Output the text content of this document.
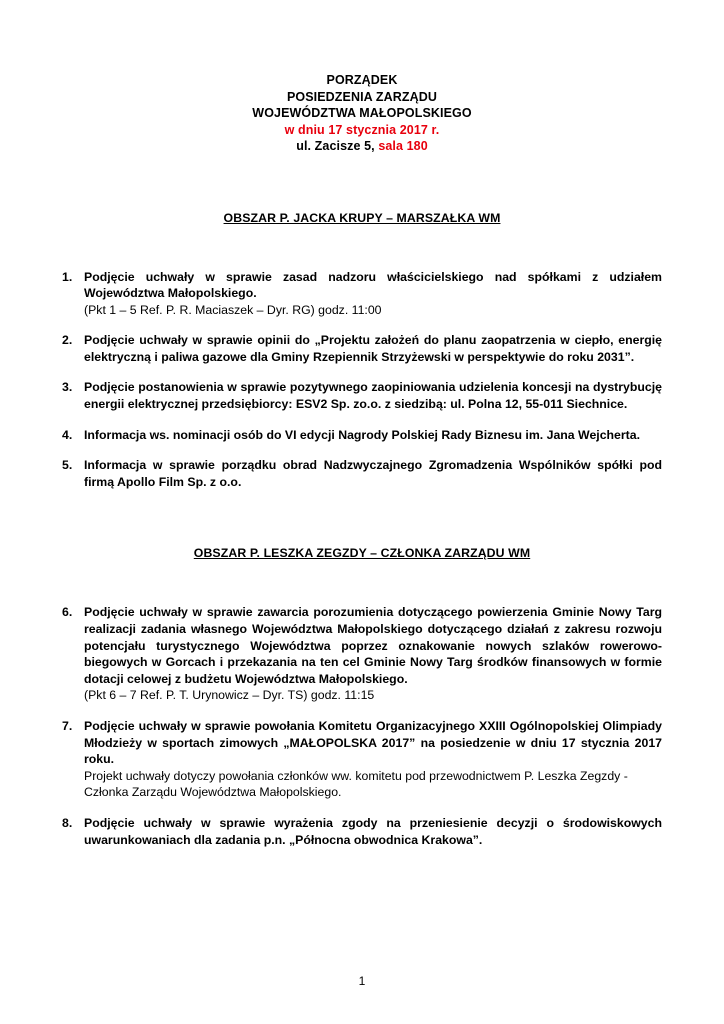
PORZĄDEK
POSIEDZENIA ZARZĄDU
WOJEWÓDZTWA MAŁOPOLSKIEGO
w dniu 17 stycznia 2017 r.
ul. Zacisze 5, sala 180
OBSZAR P. JACKA KRUPY – MARSZAŁKA WM
1. Podjęcie uchwały w sprawie zasad nadzoru właścicielskiego nad spółkami z udziałem Województwa Małopolskiego.

(Pkt 1 – 5 Ref. P. R. Maciaszek – Dyr. RG) godz. 11:00

2. Podjęcie uchwały w sprawie opinii do „Projektu założeń do planu zaopatrzenia w ciepło, energię elektryczną i paliwa gazowe dla Gminy Rzepiennik Strzyżewski w perspektywie do roku 2031”.

3. Podjęcie postanowienia w sprawie pozytywnego zaopiniowania udzielenia koncesji na dystrybucję energii elektrycznej przedsiębiorcy: ESV2 Sp. zo.o. z siedzibą: ul. Polna 12, 55-011 Siechnice.

4. Informacja ws. nominacji osób do VI edycji Nagrody Polskiej Rady Biznesu im. Jana Wejcherta.

5. Informacja w sprawie porządku obrad Nadzwyczajnego Zgromadzenia Wspólników spółki pod firmą Apollo Film Sp. z o.o.

OBSZAR P. LESZKA ZEGZDY – CZŁONKA ZARZĄDU WM
6. Podjęcie uchwały w sprawie zawarcia porozumienia dotyczącego powierzenia Gminie Nowy Targ realizacji zadania własnego Województwa Małopolskiego dotyczącego działań z zakresu rozwoju potencjału turystycznego Województwa poprzez oznakowanie nowych szlaków rowerowo-biegowych w Gorcach i przekazania na ten cel Gminie Nowy Targ środków finansowych w formie dotacji celowej z budżetu Województwa Małopolskiego.

(Pkt 6 – 7 Ref. P. T. Urynowicz – Dyr. TS) godz. 11:15

7. Podjęcie uchwały w sprawie powołania Komitetu Organizacyjnego XXIII Ogólnopolskiej Olimpiady Młodzieży w sportach zimowych „MAŁOPOLSKA 2017” na posiedzenie w dniu 17 stycznia 2017 roku.

Projekt uchwały dotyczy powołania członków ww. komitetu pod przewodnictwem P. Leszka Zegzdy - Członka Zarządu Województwa Małopolskiego.

8. Podjęcie uchwały w sprawie wyrażenia zgody na przeniesienie decyzji o środowiskowych uwarunkowaniach dla zadania p.n. „Północna obwodnica Krakowa”.

1
